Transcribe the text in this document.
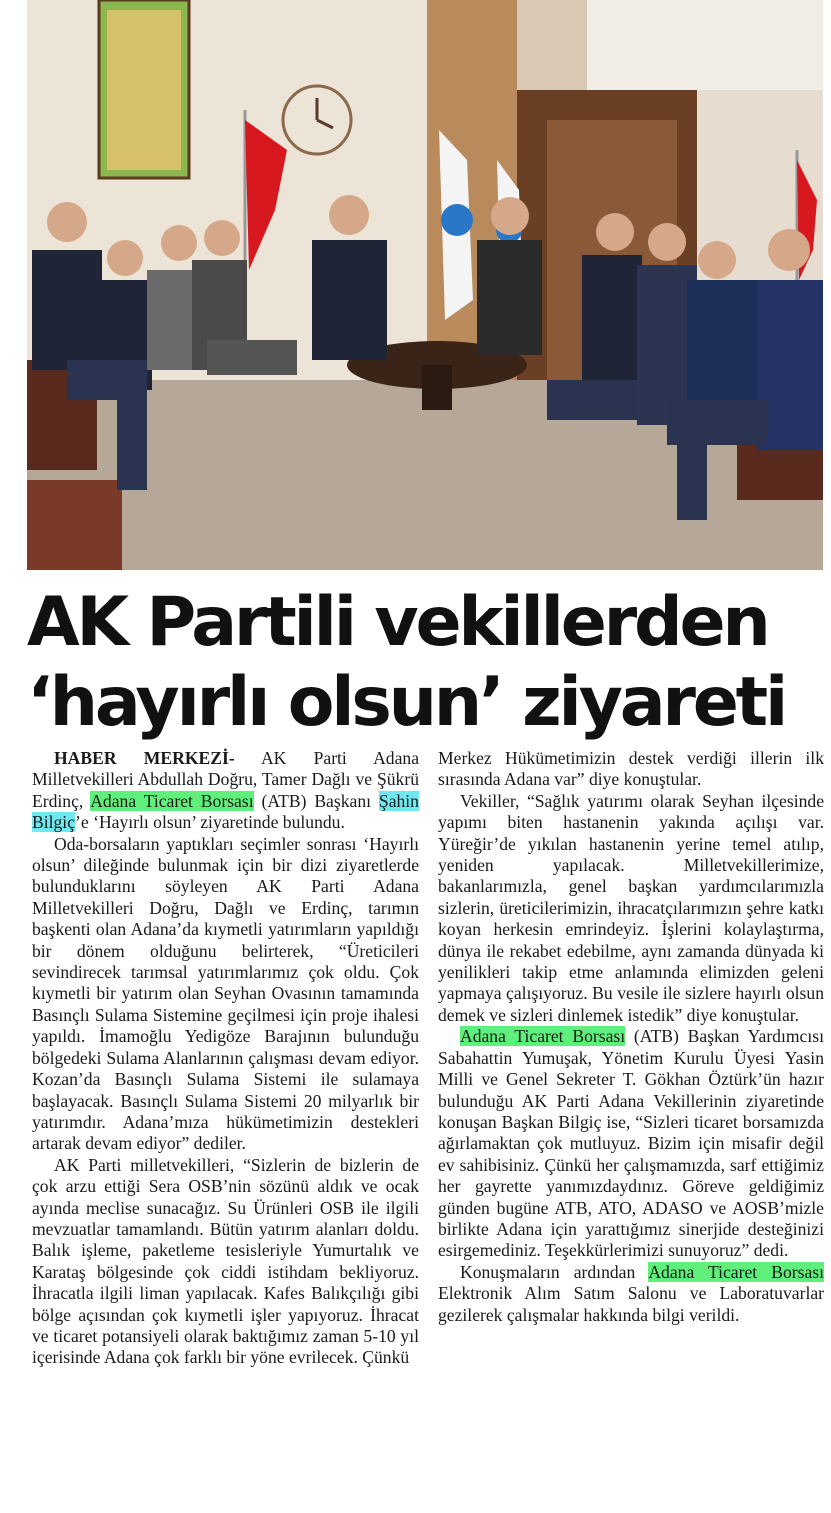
AK Partili vekillerden
‘hayırlı olsun’ ziyareti

HABER MERKEZİ- AK Parti Adana Milletvekilleri Abdullah Doğru, Tamer Dağlı ve Şükrü Erdinç, Adana Ticaret Borsası (ATB) Başkanı Şahin Bilgiç’e ‘Hayırlı olsun’ ziyaretinde bulundu.

Oda-borsaların yaptıkları seçimler sonrası ‘Hayırlı olsun’ dileğinde bulunmak için bir dizi ziyaretlerde bulunduklarını söyleyen AK Parti Adana Milletvekilleri Doğru, Dağlı ve Erdinç, tarımın başkenti olan Adana’da kıymetli yatırımların yapıldığı bir dönem olduğunu belirterek, “Üreticileri sevindirecek tarımsal yatırımlarımız çok oldu. Çok kıymetli bir yatırım olan Seyhan Ovasının tamamında Basınçlı Sulama Sistemine geçilmesi için proje ihalesi yapıldı. İmamoğlu Yedigöze Barajının bulunduğu bölgedeki Sulama Alanlarının çalışması devam ediyor. Kozan’da Basınçlı Sulama Sistemi ile sulamaya başlayacak. Basınçlı Sulama Sistemi 20 milyarlık bir yatırımdır. Adana’mıza hükümetimizin destekleri artarak devam ediyor” dediler.

AK Parti milletvekilleri, “Sizlerin de bizlerin de çok arzu ettiği Sera OSB’nin sözünü aldık ve ocak ayında meclise sunacağız. Su Ürünleri OSB ile ilgili mevzuatlar tamamlandı. Bütün yatırım alanları doldu. Balık işleme, paketleme tesisleriyle Yumurtalık ve Karataş bölgesinde çok ciddi istihdam bekliyoruz. İhracatla ilgili liman yapılacak. Kafes Balıkçılığı gibi bölge açısından çok kıymetli işler yapıyoruz. İhracat ve ticaret potansiyeli olarak baktığımız zaman 5-10 yıl içerisinde Adana çok farklı bir yöne evrilecek. Çünkü

Merkez Hükümetimizin destek verdiği illerin ilk sırasında Adana var” diye konuştular.

Vekiller, “Sağlık yatırımı olarak Seyhan ilçesinde yapımı biten hastanenin yakında açılışı var. Yüreğir’de yıkılan hastanenin yerine temel atılıp, yeniden yapılacak. Milletvekillerimize, bakanlarımızla, genel başkan yardımcılarımızla sizlerin, üreticilerimizin, ihracatçılarımızın şehre katkı koyan herkesin emrindeyiz. İşlerini kolaylaştırma, dünya ile rekabet edebilme, aynı zamanda dünyada ki yenilikleri takip etme anlamında elimizden geleni yapmaya çalışıyoruz. Bu vesile ile sizlere hayırlı olsun demek ve sizleri dinlemek istedik” diye konuştular.

Adana Ticaret Borsası (ATB) Başkan Yardımcısı Sabahattin Yumuşak, Yönetim Kurulu Üyesi Yasin Milli ve Genel Sekreter T. Gökhan Öztürk’ün hazır bulunduğu AK Parti Adana Vekillerinin ziyaretinde konuşan Başkan Bilgiç ise, “Sizleri ticaret borsamızda ağırlamaktan çok mutluyuz. Bizim için misafir değil ev sahibisiniz. Çünkü her çalışmamızda, sarf ettiğimiz her gayrette yanımızdaydınız. Göreve geldiğimiz günden bugüne ATB, ATO, ADASO ve AOSB’mizle birlikte Adana için yarattığımız sinerjide desteğinizi esirgemediniz. Teşekkürlerimizi sunuyoruz” dedi.

Konuşmaların ardından Adana Ticaret Borsası Elektronik Alım Satım Salonu ve Laboratuvarlar gezilerek çalışmalar hakkında bilgi verildi.
